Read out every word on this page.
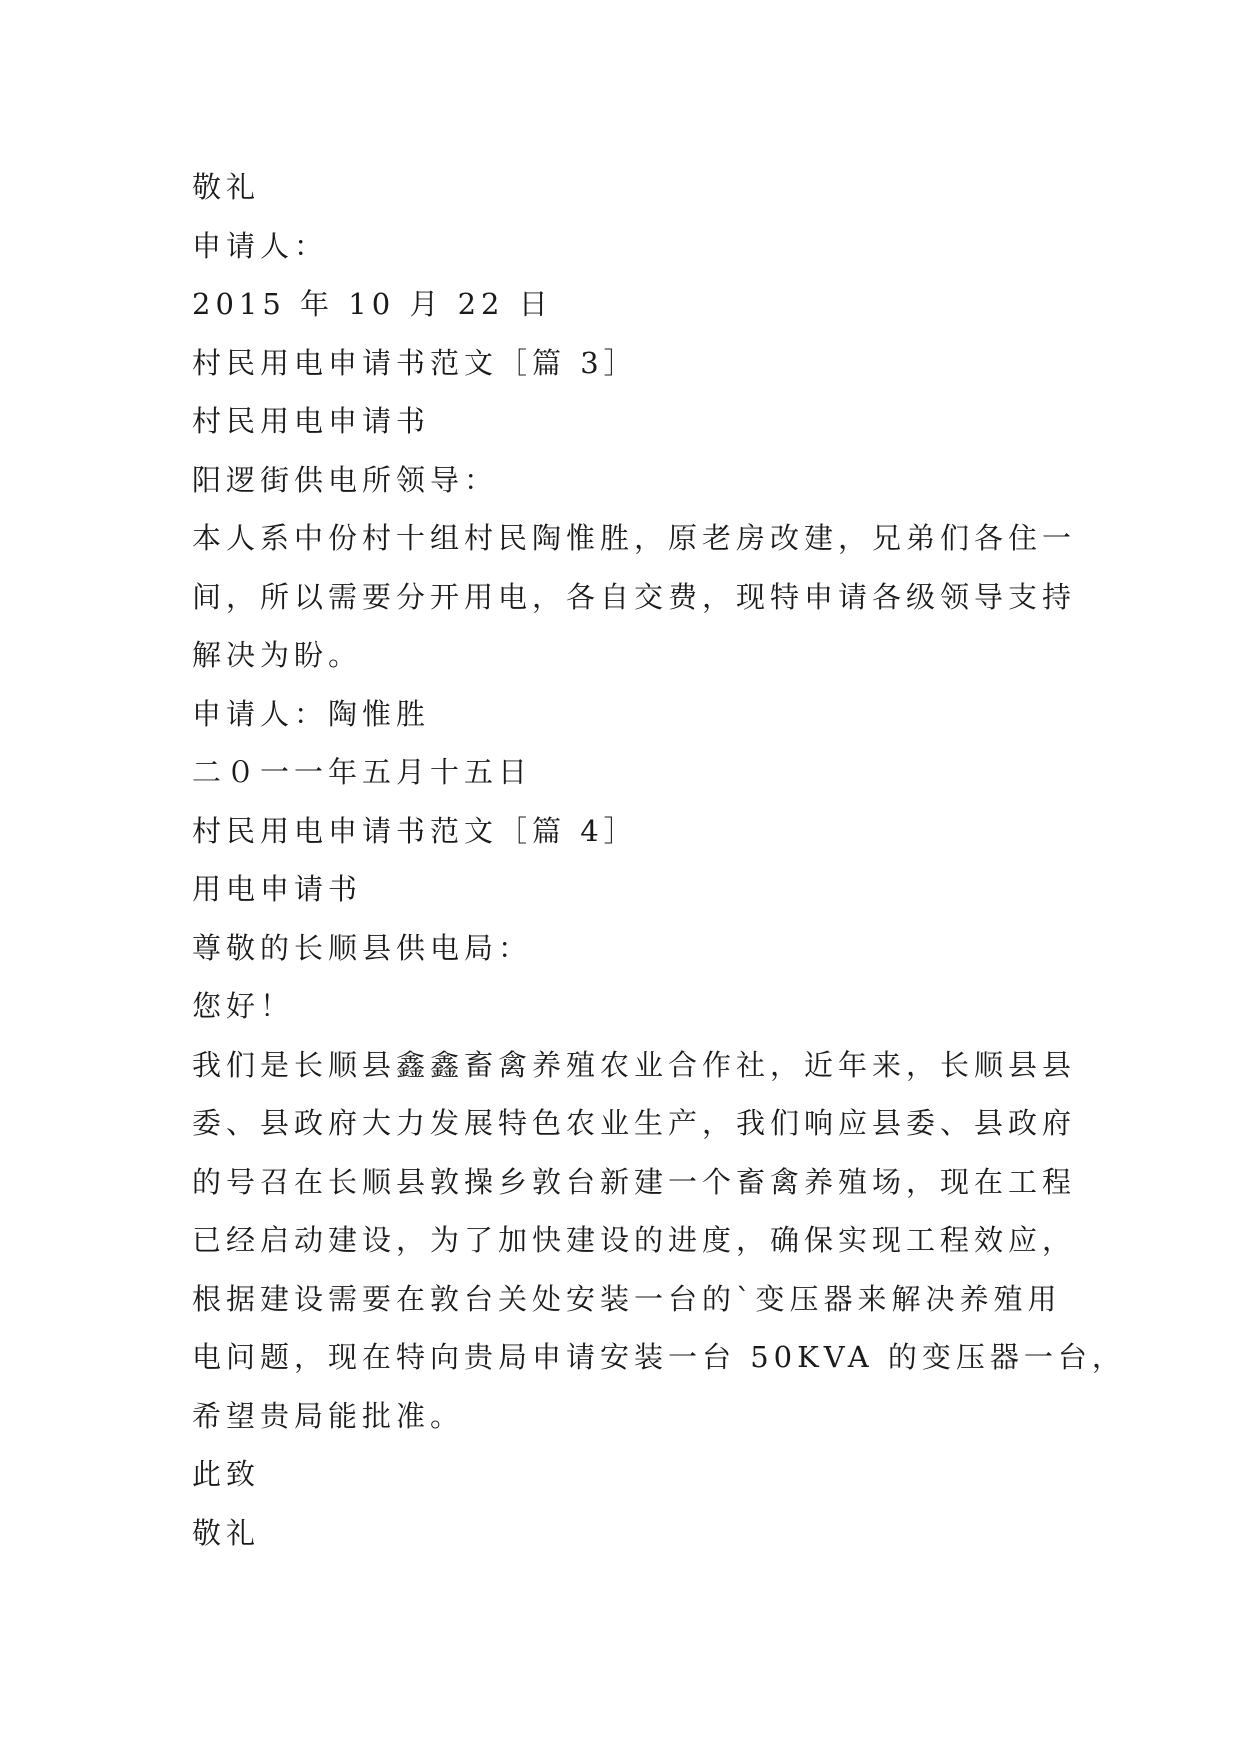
敬礼
申请人：
2015 年 10 月 22 日
村民用电申请书范文［篇 3］
村民用电申请书
阳逻街供电所领导：
本人系中份村十组村民陶惟胜，原老房改建，兄弟们各住一
间，所以需要分开用电，各自交费，现特申请各级领导支持
解决为盼。
申请人：陶惟胜
二０一一年五月十五日
村民用电申请书范文［篇 4］
用电申请书
尊敬的长顺县供电局：
您好！
我们是长顺县鑫鑫畜禽养殖农业合作社，近年来，长顺县县
委、县政府大力发展特色农业生产，我们响应县委、县政府
的号召在长顺县敦操乡敦台新建一个畜禽养殖场，现在工程
已经启动建设，为了加快建设的进度，确保实现工程效应，
根据建设需要在敦台关处安装一台的`变压器来解决养殖用
电问题，现在特向贵局申请安装一台 50KVA 的变压器一台，
希望贵局能批准。
此致
敬礼
